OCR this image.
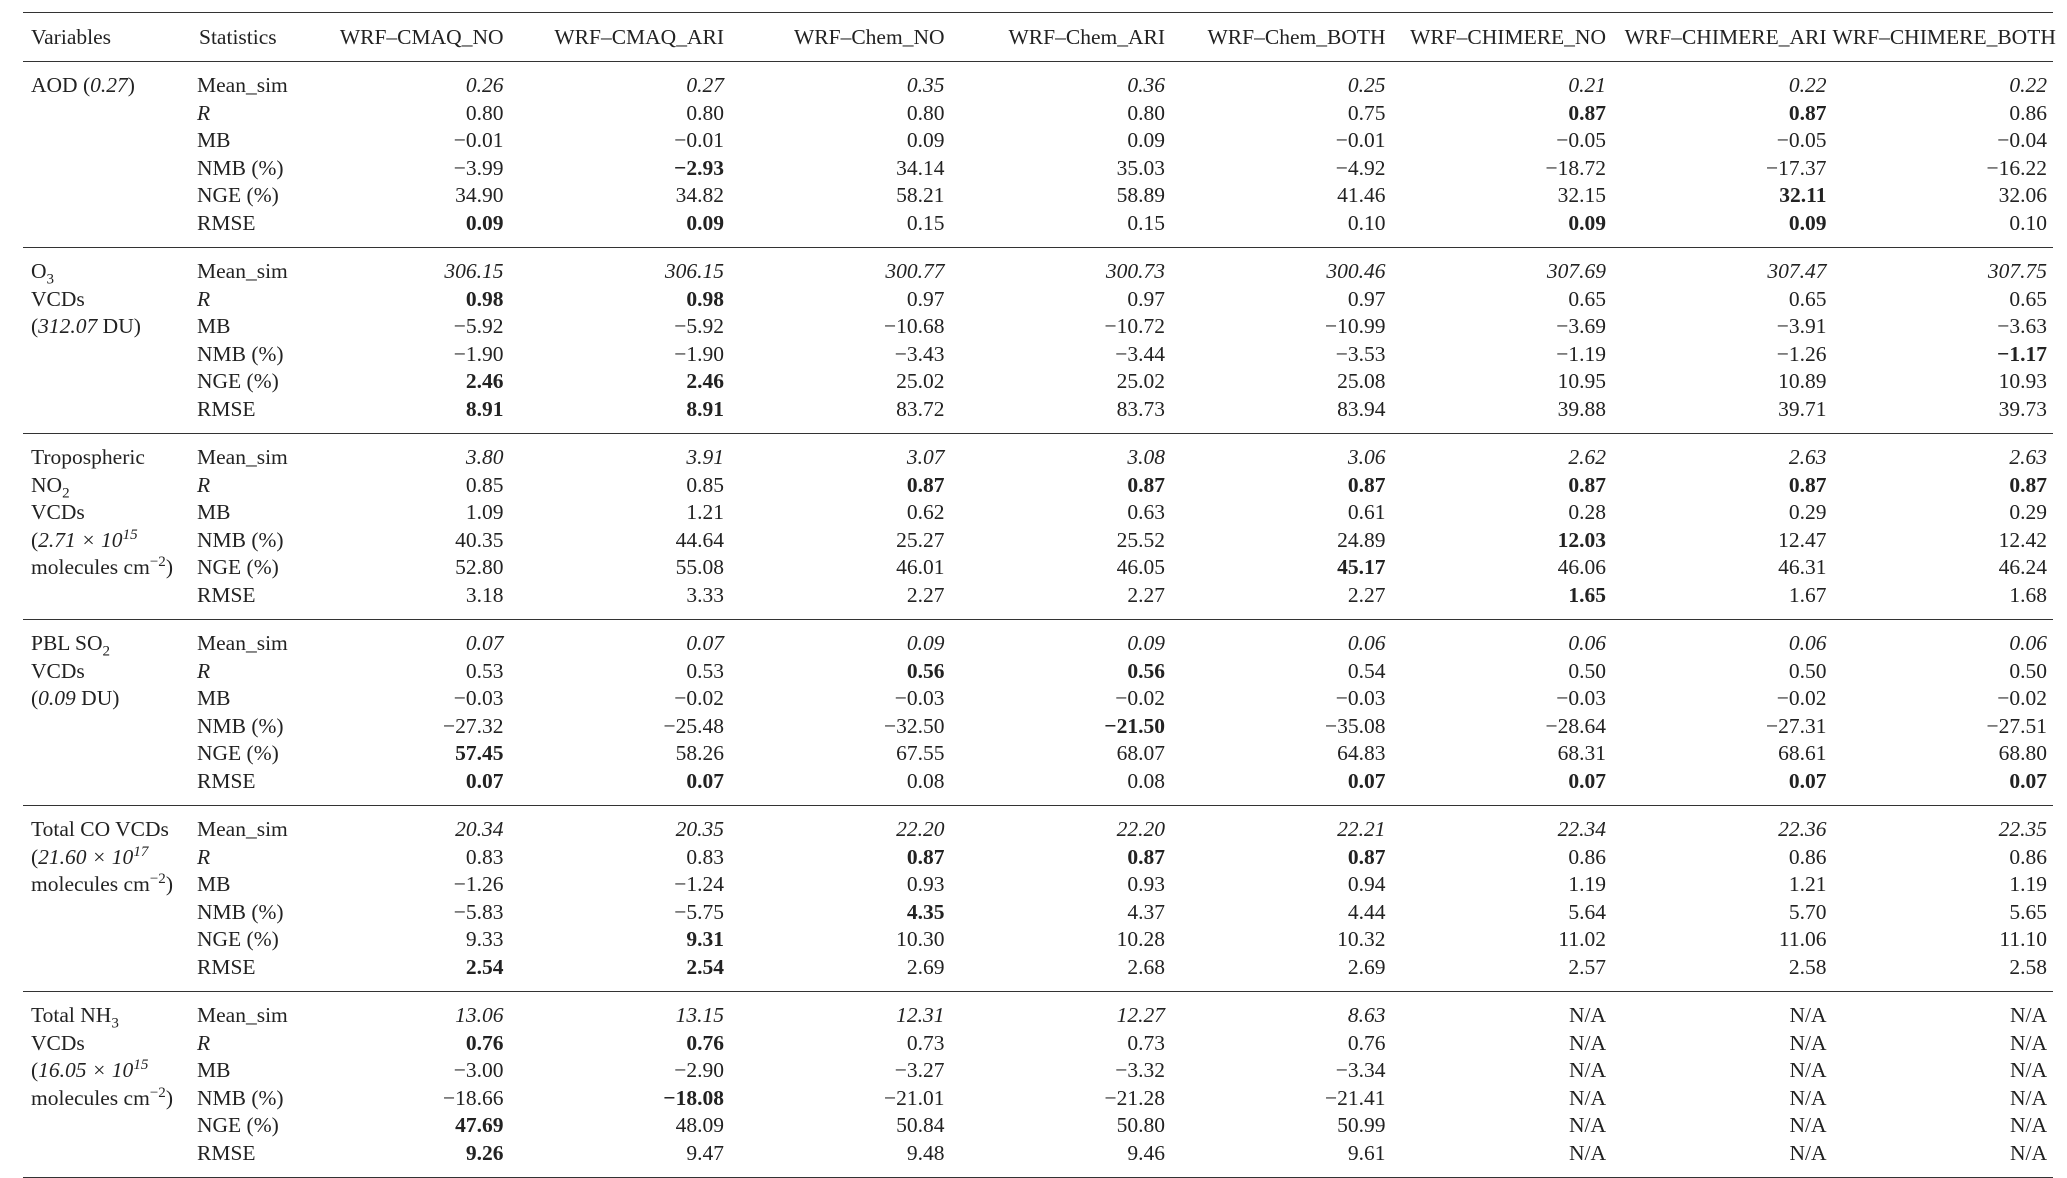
Variables	Statistics	WRF–CMAQ_NO	WRF–CMAQ_ARI	WRF–Chem_NO	WRF–Chem_ARI	WRF–Chem_BOTH	WRF–CHIMERE_NO	WRF–CHIMERE_ARI	WRF–CHIMERE_BOTH

AOD (0.27)	Mean_sim	0.26	0.27	0.35	0.36	0.25	0.21	0.22	0.22
	R	0.80	0.80	0.80	0.80	0.75	0.87	0.87	0.86
	MB	−0.01	−0.01	0.09	0.09	−0.01	−0.05	−0.05	−0.04
	NMB (%)	−3.99	−2.93	34.14	35.03	−4.92	−18.72	−17.37	−16.22
	NGE (%)	34.90	34.82	58.21	58.89	41.46	32.15	32.11	32.06
	RMSE	0.09	0.09	0.15	0.15	0.10	0.09	0.09	0.10

$O_3$
VCDs
(312.07 DU)	Mean_sim	306.15	306.15	300.77	300.73	300.46	307.69	307.47	307.75
	R	0.98	0.98	0.97	0.97	0.97	0.65	0.65	0.65
	MB	−5.92	−5.92	−10.68	−10.72	−10.99	−3.69	−3.91	−3.63
	NMB (%)	−1.90	−1.90	−3.43	−3.44	−3.53	−1.19	−1.26	−1.17
	NGE (%)	2.46	2.46	25.02	25.02	25.08	10.95	10.89	10.93
	RMSE	8.91	8.91	83.72	83.73	83.94	39.88	39.71	39.73

Tropospheric
$NO_2$
VCDs
($2.71 \times 10^{15}$
molecules $cm^{-2}$)	Mean_sim	3.80	3.91	3.07	3.08	3.06	2.62	2.63	2.63
	R	0.85	0.85	0.87	0.87	0.87	0.87	0.87	0.87
	MB	1.09	1.21	0.62	0.63	0.61	0.28	0.29	0.29
	NMB (%)	40.35	44.64	25.27	25.52	24.89	12.03	12.47	12.42
	NGE (%)	52.80	55.08	46.01	46.05	45.17	46.06	46.31	46.24
	RMSE	3.18	3.33	2.27	2.27	2.27	1.65	1.67	1.68

PBL $SO_2$
VCDs
(0.09 DU)	Mean_sim	0.07	0.07	0.09	0.09	0.06	0.06	0.06	0.06
	R	0.53	0.53	0.56	0.56	0.54	0.50	0.50	0.50
	MB	−0.03	−0.02	−0.03	−0.02	−0.03	−0.03	−0.02	−0.02
	NMB (%)	−27.32	−25.48	−32.50	−21.50	−35.08	−28.64	−27.31	−27.51
	NGE (%)	57.45	58.26	67.55	68.07	64.83	68.31	68.61	68.80
	RMSE	0.07	0.07	0.08	0.08	0.07	0.07	0.07	0.07

Total CO VCDs
($21.60 \times 10^{17}$
molecules $cm^{-2}$)	Mean_sim	20.34	20.35	22.20	22.20	22.21	22.34	22.36	22.35
	R	0.83	0.83	0.87	0.87	0.87	0.86	0.86	0.86
	MB	−1.26	−1.24	0.93	0.93	0.94	1.19	1.21	1.19
	NMB (%)	−5.83	−5.75	4.35	4.37	4.44	5.64	5.70	5.65
	NGE (%)	9.33	9.31	10.30	10.28	10.32	11.02	11.06	11.10
	RMSE	2.54	2.54	2.69	2.68	2.69	2.57	2.58	2.58

Total $NH_3$
VCDs
($16.05 \times 10^{15}$
molecules $cm^{-2}$)	Mean_sim	13.06	13.15	12.31	12.27	8.63	N/A	N/A	N/A
	R	0.76	0.76	0.73	0.73	0.76	N/A	N/A	N/A
	MB	−3.00	−2.90	−3.27	−3.32	−3.34	N/A	N/A	N/A
	NMB (%)	−18.66	−18.08	−21.01	−21.28	−21.41	N/A	N/A	N/A
	NGE (%)	47.69	48.09	50.84	50.80	50.99	N/A	N/A	N/A
	RMSE	9.26	9.47	9.48	9.46	9.61	N/A	N/A	N/A
